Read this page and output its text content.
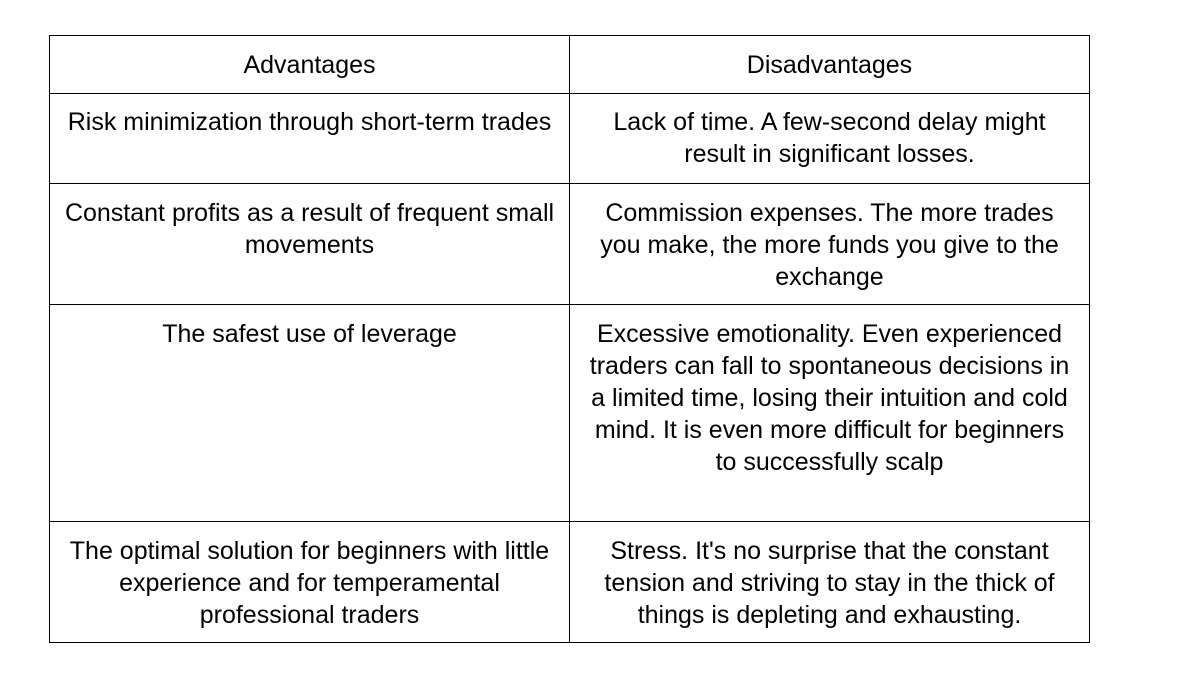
Advantages	Disadvantages
Risk minimization through short-term trades	Lack of time. A few-second delay might result in significant losses.
Constant profits as a result of frequent small movements	Commission expenses. The more trades you make, the more funds you give to the exchange
The safest use of leverage	Excessive emotionality. Even experienced traders can fall to spontaneous decisions in a limited time, losing their intuition and cold mind. It is even more difficult for beginners to successfully scalp
The optimal solution for beginners with little experience and for temperamental professional traders	Stress. It's no surprise that the constant tension and striving to stay in the thick of things is depleting and exhausting.
